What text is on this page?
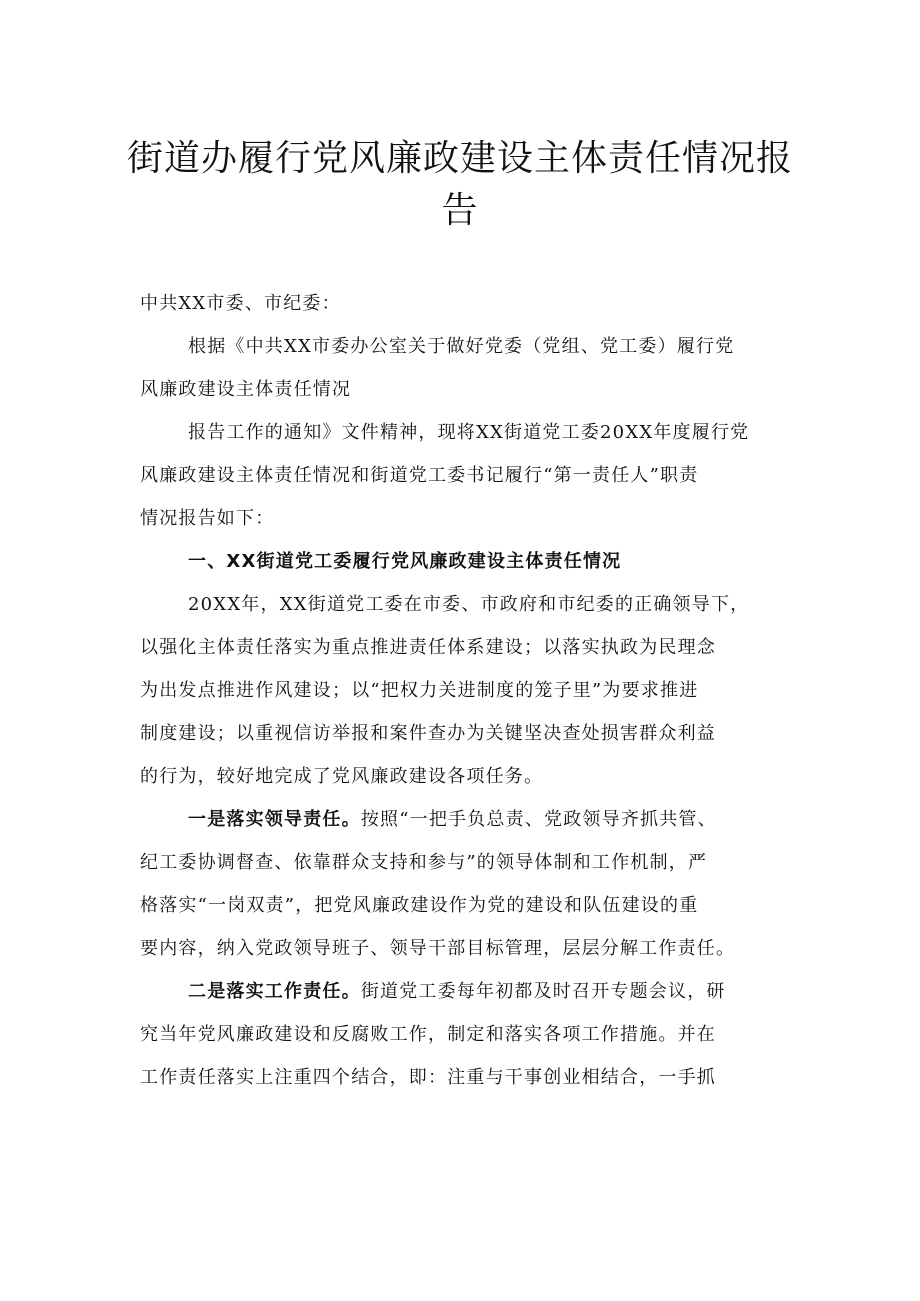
街道办履行党风廉政建设主体责任情况报
告
中共XX市委、市纪委：
根据《中共XX市委办公室关于做好党委（党组、党工委）履行党
风廉政建设主体责任情况
报告工作的通知》文件精神，现将XX街道党工委20XX年度履行党
风廉政建设主体责任情况和街道党工委书记履行“第一责任人”职责
情况报告如下：
一、XX街道党工委履行党风廉政建设主体责任情况
20XX年，XX街道党工委在市委、市政府和市纪委的正确领导下，
以强化主体责任落实为重点推进责任体系建设；以落实执政为民理念
为出发点推进作风建设；以“把权力关进制度的笼子里”为要求推进
制度建设；以重视信访举报和案件查办为关键坚决查处损害群众利益
的行为，较好地完成了党风廉政建设各项任务。
一是落实领导责任。按照“一把手负总责、党政领导齐抓共管、
纪工委协调督查、依靠群众支持和参与”的领导体制和工作机制，严
格落实“一岗双责”，把党风廉政建设作为党的建设和队伍建设的重
要内容，纳入党政领导班子、领导干部目标管理，层层分解工作责任。
二是落实工作责任。街道党工委每年初都及时召开专题会议，研
究当年党风廉政建设和反腐败工作，制定和落实各项工作措施。并在
工作责任落实上注重四个结合，即：注重与干事创业相结合，一手抓
